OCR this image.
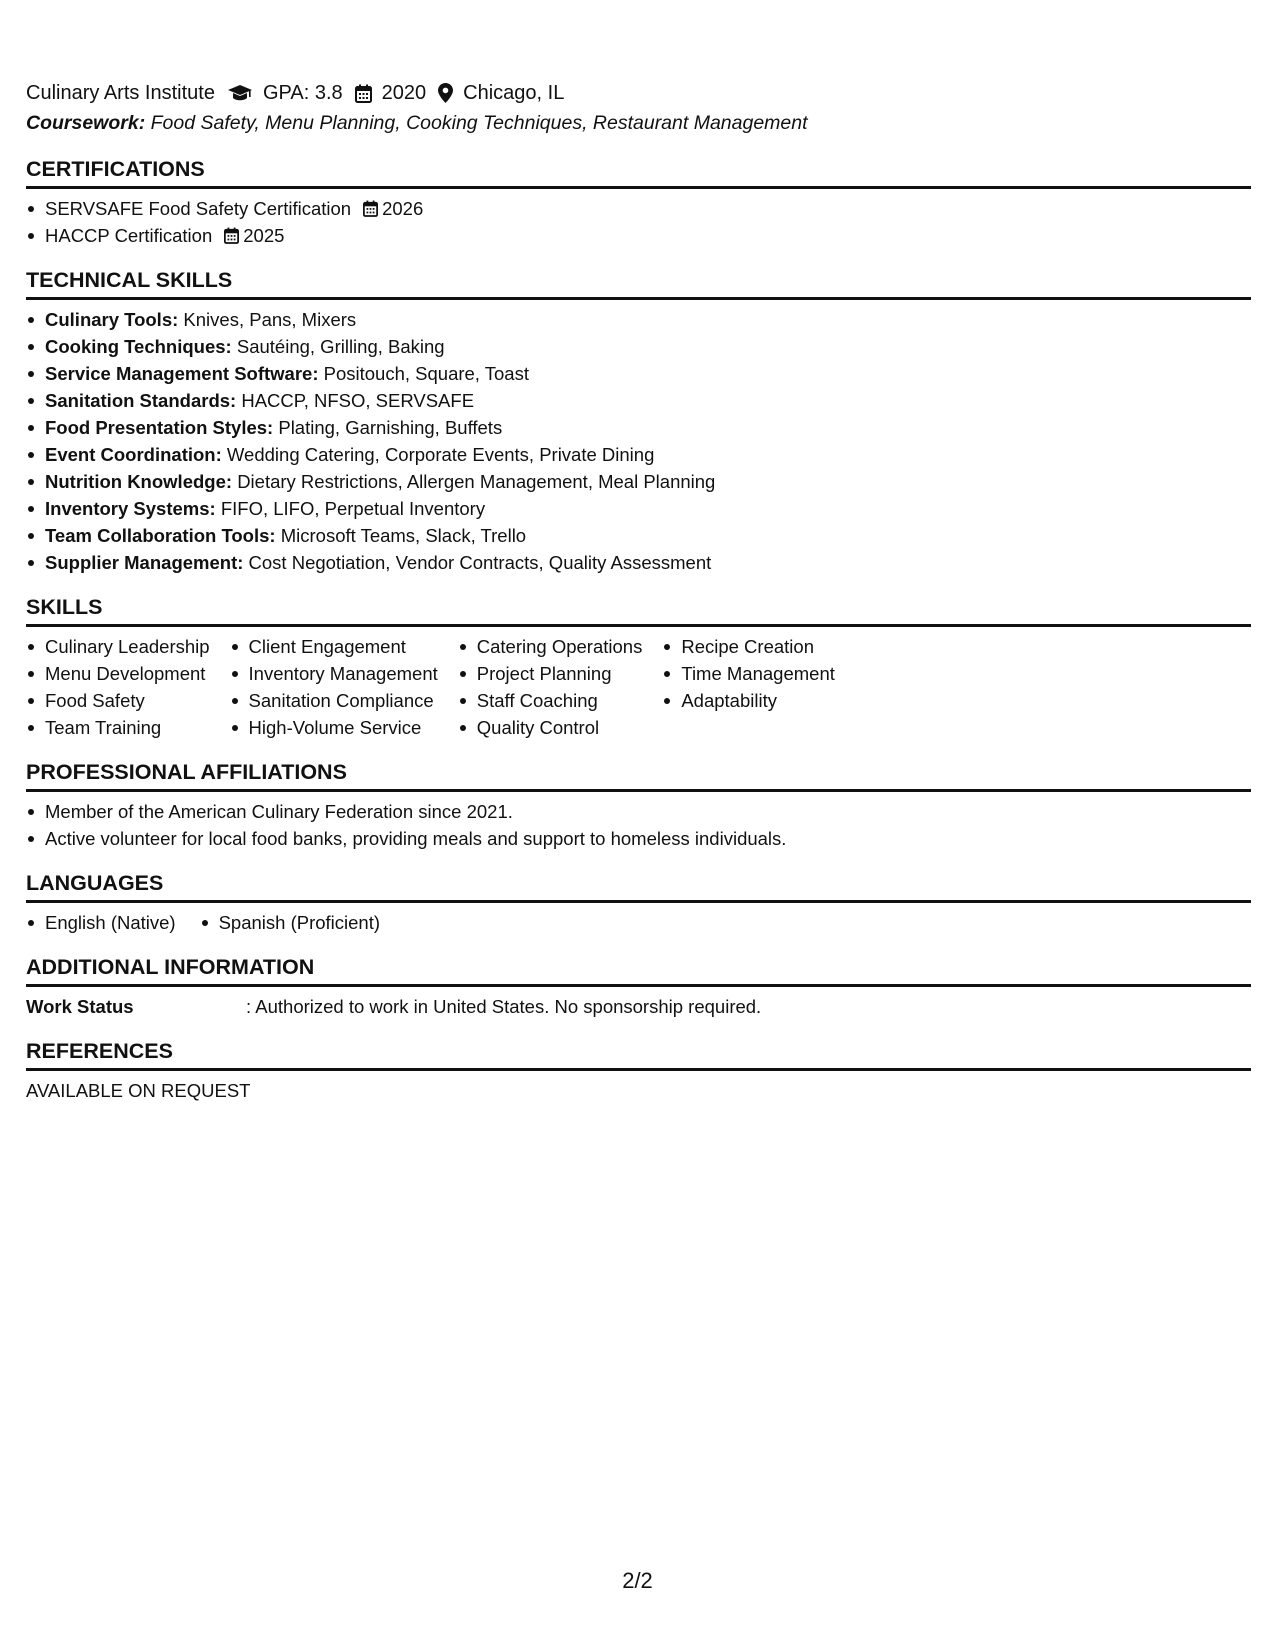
Culinary Arts Institute GPA: 3.8 2020 Chicago, IL
Coursework: Food Safety, Menu Planning, Cooking Techniques, Restaurant Management
CERTIFICATIONS
SERVSAFE Food Safety Certification 2026
HACCP Certification 2025
TECHNICAL SKILLS
Culinary Tools: Knives, Pans, Mixers
Cooking Techniques: Sautéing, Grilling, Baking
Service Management Software: Positouch, Square, Toast
Sanitation Standards: HACCP, NFSO, SERVSAFE
Food Presentation Styles: Plating, Garnishing, Buffets
Event Coordination: Wedding Catering, Corporate Events, Private Dining
Nutrition Knowledge: Dietary Restrictions, Allergen Management, Meal Planning
Inventory Systems: FIFO, LIFO, Perpetual Inventory
Team Collaboration Tools: Microsoft Teams, Slack, Trello
Supplier Management: Cost Negotiation, Vendor Contracts, Quality Assessment
SKILLS
Culinary Leadership
Menu Development
Food Safety
Team Training
Client Engagement
Inventory Management
Sanitation Compliance
High-Volume Service
Catering Operations
Project Planning
Staff Coaching
Quality Control
Recipe Creation
Time Management
Adaptability
PROFESSIONAL AFFILIATIONS
Member of the American Culinary Federation since 2021.
Active volunteer for local food banks, providing meals and support to homeless individuals.
LANGUAGES
English (Native)	Spanish (Proficient)
ADDITIONAL INFORMATION
Work Status	: Authorized to work in United States. No sponsorship required.
REFERENCES
AVAILABLE ON REQUEST
2/2
